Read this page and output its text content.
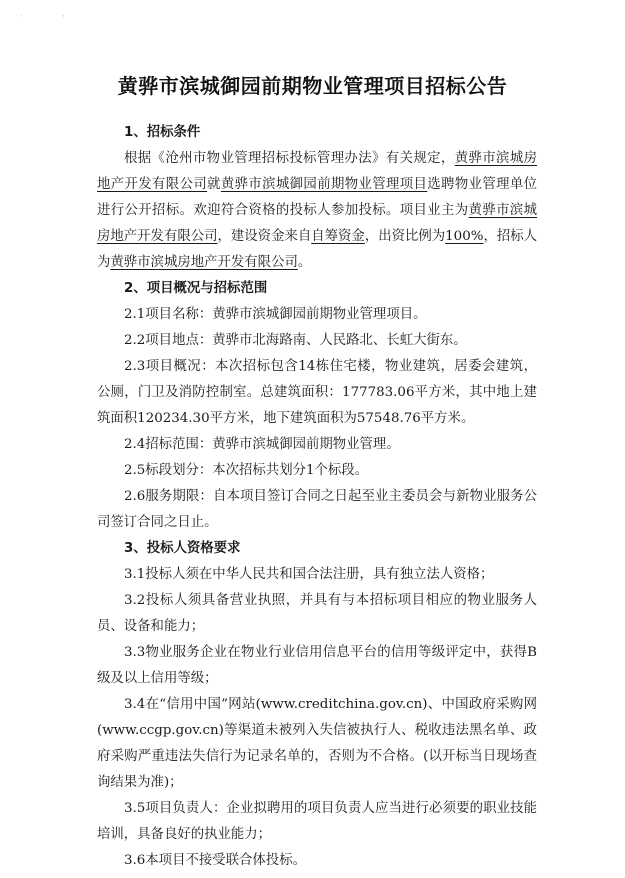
·	·
黄骅市滨城御园前期物业管理项目招标公告

1、招标条件

根据《沧州市物业管理招标投标管理办法》有关规定，黄骅市滨城房地产开发有限公司就黄骅市滨城御园前期物业管理项目选聘物业管理单位进行公开招标。欢迎符合资格的投标人参加投标。项目业主为黄骅市滨城房地产开发有限公司，建设资金来自自筹资金，出资比例为100%，招标人为黄骅市滨城房地产开发有限公司。

2、项目概况与招标范围

2.1项目名称：黄骅市滨城御园前期物业管理项目。

2.2项目地点：黄骅市北海路南、人民路北、长虹大街东。

2.3项目概况：本次招标包含14栋住宅楼，物业建筑，居委会建筑，公厕，门卫及消防控制室。总建筑面积：177783.06平方米，其中地上建筑面积120234.30平方米，地下建筑面积为57548.76平方米。

2.4招标范围：黄骅市滨城御园前期物业管理。

2.5标段划分：本次招标共划分1个标段。

2.6服务期限：自本项目签订合同之日起至业主委员会与新物业服务公司签订合同之日止。

3、投标人资格要求

3.1投标人须在中华人民共和国合法注册，具有独立法人资格；

3.2投标人须具备营业执照，并具有与本招标项目相应的物业服务人员、设备和能力；

3.3物业服务企业在物业行业信用信息平台的信用等级评定中，获得B级及以上信用等级；

3.4在“信用中国”网站(www.creditchina.gov.cn)、中国政府采购网(www.ccgp.gov.cn)等渠道未被列入失信被执行人、税收违法黑名单、政府采购严重违法失信行为记录名单的，否则为不合格。(以开标当日现场查询结果为准)；

3.5项目负责人：企业拟聘用的项目负责人应当进行必须要的职业技能培训，具备良好的执业能力；

3.6本项目不接受联合体投标。
